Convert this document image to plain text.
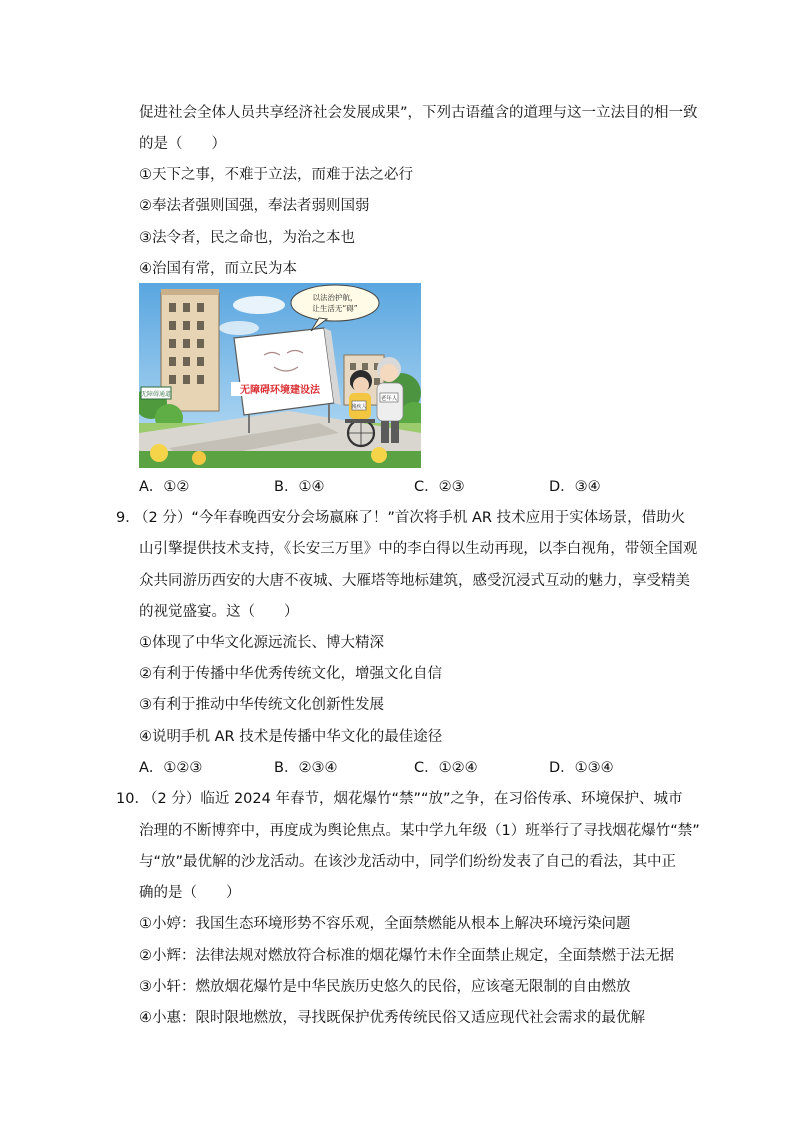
促进社会全体人员共享经济社会发展成果”，下列古语蕴含的道理与这一立法目的相一致
的是（　　）
①天下之事，不难于立法，而难于法之必行
②奉法者强则国强，奉法者弱则国弱
③法令者，民之命也，为治之本也
④治国有常，而立民为本
无障碍通道	无障碍环境建设法
以法治护航，
让生活无“碍”
残疾人
老年人
A．①②	B．①④	C．②③	D．③④
9．
（2 分）“今年春晚西安分会场嬴麻了！”首次将手机 AR 技术应用于实体场景，借助火
山引擎提供技术支持，《长安三万里》中的李白得以生动再现，以李白视角，带领全国观
众共同游历西安的大唐不夜城、大雁塔等地标建筑，感受沉浸式互动的魅力，享受精美
的视觉盛宴。这（　　）
①体现了中华文化源远流长、博大精深
②有利于传播中华优秀传统文化，增强文化自信
③有利于推动中华传统文化创新性发展
④说明手机 AR 技术是传播中华文化的最佳途径
A．①②③	B．②③④	C．①②④	D．①③④
10．
（2 分）临近 2024 年春节，烟花爆竹“禁”“放”之争，在习俗传承、环境保护、城市
治理的不断博弈中，再度成为舆论焦点。某中学九年级（1）班举行了寻找烟花爆竹“禁”
与“放”最优解的沙龙活动。在该沙龙活动中，同学们纷纷发表了自己的看法，其中正
确的是（　　）
①小婷：我国生态环境形势不容乐观，全面禁燃能从根本上解决环境污染问题
②小辉：法律法规对燃放符合标准的烟花爆竹未作全面禁止规定，全面禁燃于法无据
③小轩：燃放烟花爆竹是中华民族历史悠久的民俗，应该毫无限制的自由燃放
④小惠：限时限地燃放，寻找既保护优秀传统民俗又适应现代社会需求的最优解
